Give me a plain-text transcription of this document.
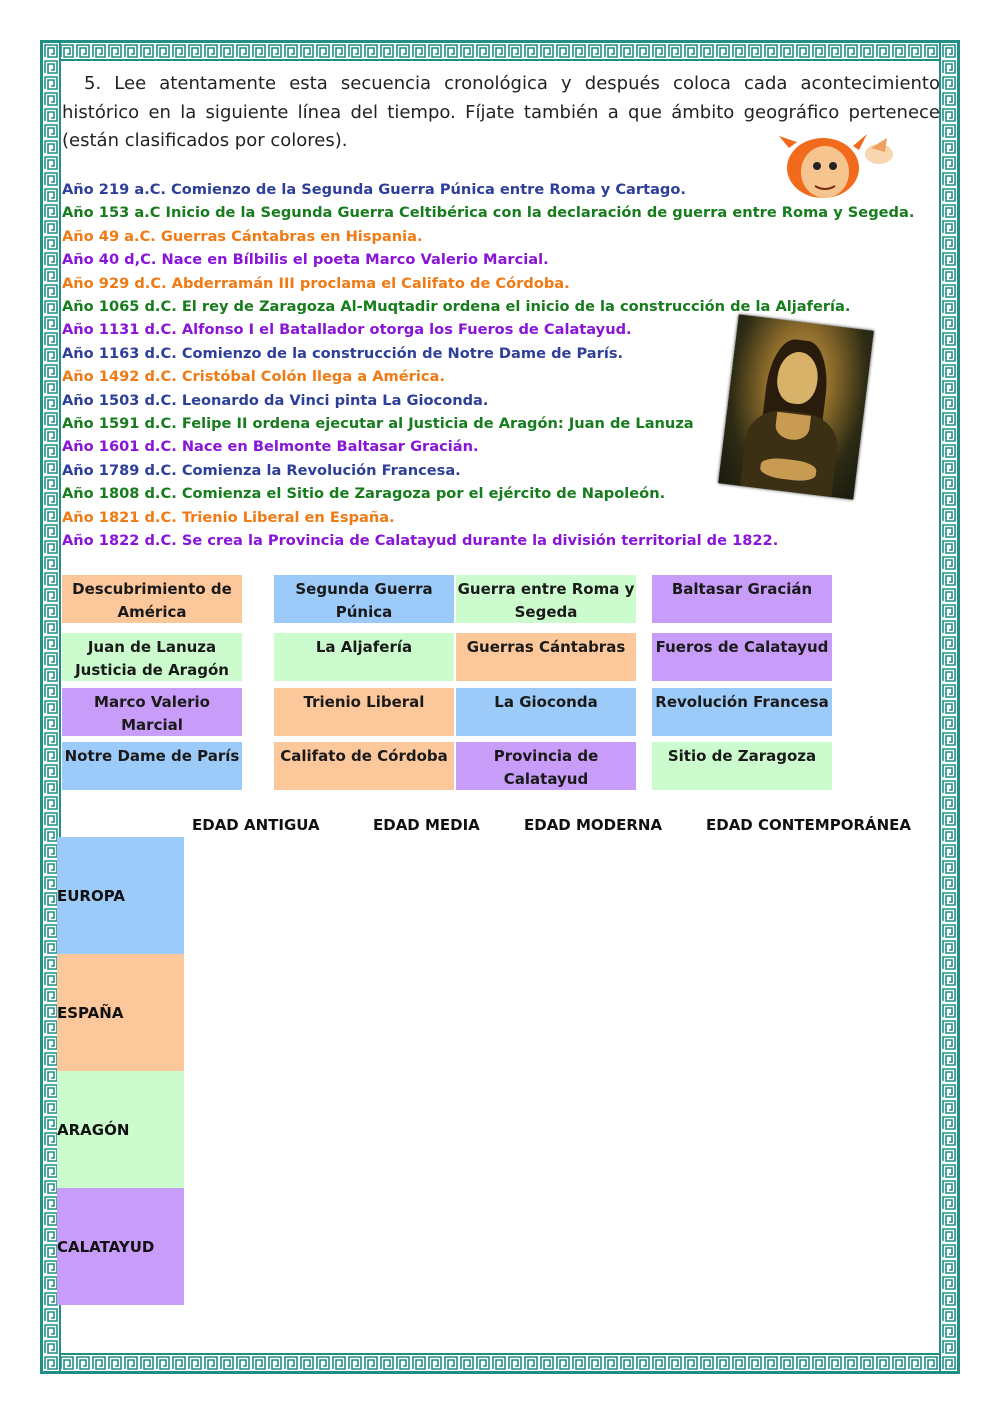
5. Lee atentamente esta secuencia cronológica y después coloca cada acontecimiento histórico en la siguiente línea del tiempo. Fíjate también a que ámbito geográfico pertenece (están clasificados por colores).
Año 219 a.C. Comienzo de la Segunda Guerra Púnica entre Roma y Cartago.
Año 153 a.C Inicio de la Segunda Guerra Celtibérica con la declaración de guerra entre Roma y Segeda.
Año 49 a.C. Guerras Cántabras en Hispania.
Año 40 d,C. Nace en Bílbilis el poeta Marco Valerio Marcial.
Año 929 d.C. Abderramán III proclama el Califato de Córdoba.
Año 1065 d.C. El rey de Zaragoza Al-Muqtadir ordena el inicio de la construcción de la Aljafería.
Año 1131 d.C. Alfonso I el Batallador otorga los Fueros de Calatayud.
Año 1163 d.C. Comienzo de la construcción de Notre Dame de París.
Año 1492 d.C. Cristóbal Colón llega a América.
Año 1503 d.C. Leonardo da Vinci pinta La Gioconda.
Año 1591 d.C. Felipe II ordena ejecutar al Justicia de Aragón: Juan de Lanuza
Año 1601 d.C. Nace en Belmonte Baltasar Gracián.
Año 1789 d.C. Comienza la Revolución Francesa.
Año 1808 d.C. Comienza el Sitio de Zaragoza por el ejército de Napoleón.
Año 1821 d.C. Trienio Liberal en España.
Año 1822 d.C. Se crea la Provincia de Calatayud durante la división territorial de 1822.
Descubrimiento de América
Segunda Guerra Púnica
Guerra entre Roma y Segeda
Baltasar Gracián
Juan de Lanuza Justicia de Aragón
La Aljafería	Guerras Cántabras	Fueros de Calatayud
Marco Valerio Marcial
Trienio Liberal	La Gioconda	Revolución Francesa
Notre Dame de París	Califato de Córdoba	Provincia de Calatayud
Sitio de Zaragoza
EDAD ANTIGUA	EDAD MEDIA	EDAD MODERNA	EDAD CONTEMPORÁNEA
EUROPA
ESPAÑA
ARAGÓN
CALATAYUD
